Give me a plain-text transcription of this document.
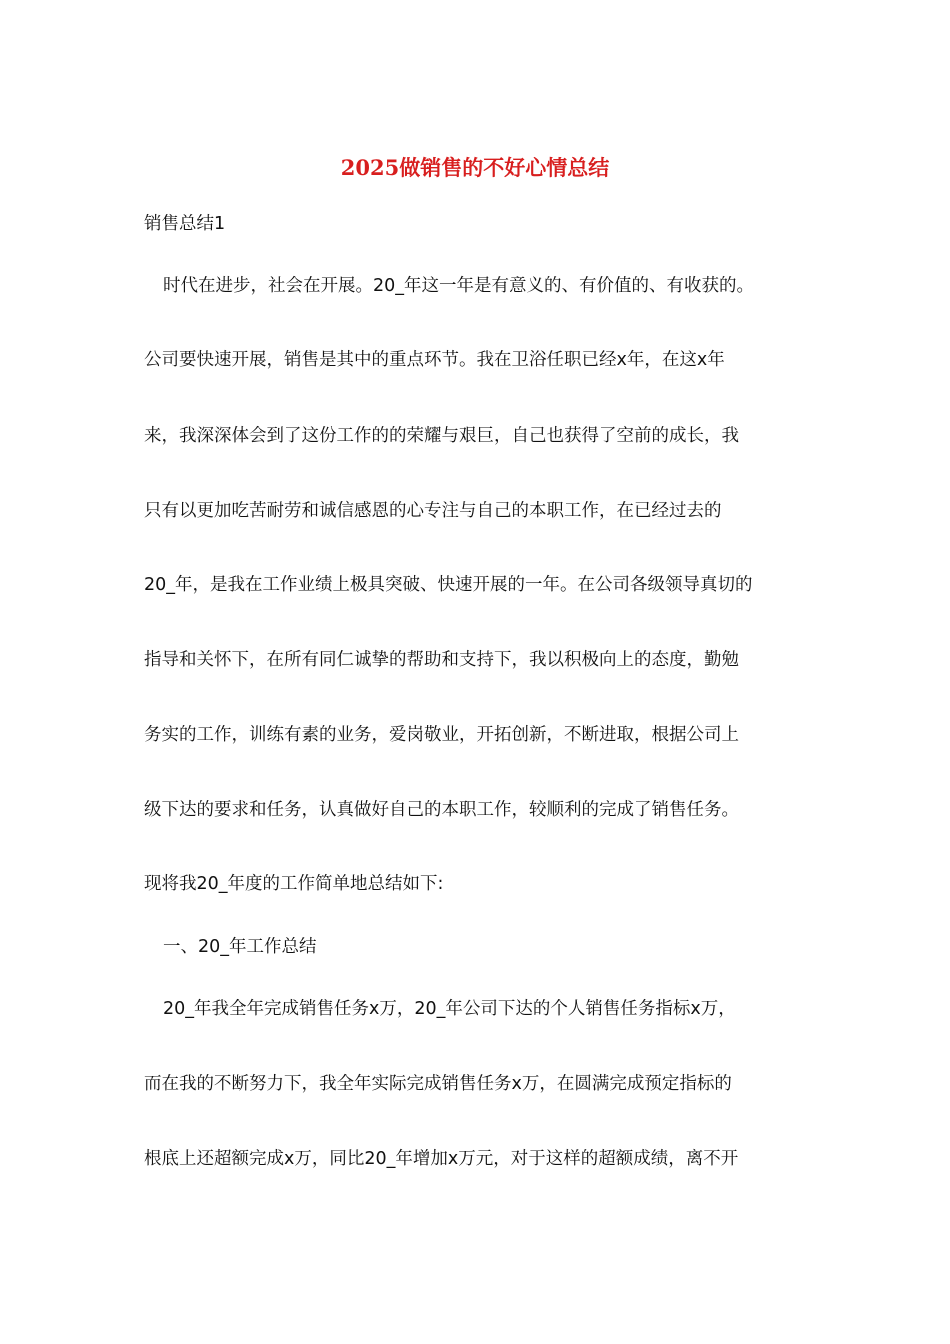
2025做销售的不好心情总结

销售总结1

时代在进步，社会在开展。20_年这一年是有意义的、有价值的、有收获的。

公司要快速开展，销售是其中的重点环节。我在卫浴任职已经x年，在这x年

来，我深深体会到了这份工作的的荣耀与艰巨，自己也获得了空前的成长，我

只有以更加吃苦耐劳和诚信感恩的心专注与自己的本职工作，在已经过去的

20_年，是我在工作业绩上极具突破、快速开展的一年。在公司各级领导真切的

指导和关怀下，在所有同仁诚挚的帮助和支持下，我以积极向上的态度，勤勉

务实的工作，训练有素的业务，爱岗敬业，开拓创新，不断进取，根据公司上

级下达的要求和任务，认真做好自己的本职工作，较顺利的完成了销售任务。

现将我20_年度的工作简单地总结如下:

一、20_年工作总结

20_年我全年完成销售任务x万，20_年公司下达的个人销售任务指标x万，

而在我的不断努力下，我全年实际完成销售任务x万，在圆满完成预定指标的

根底上还超额完成x万，同比20_年增加x万元，对于这样的超额成绩，离不开
